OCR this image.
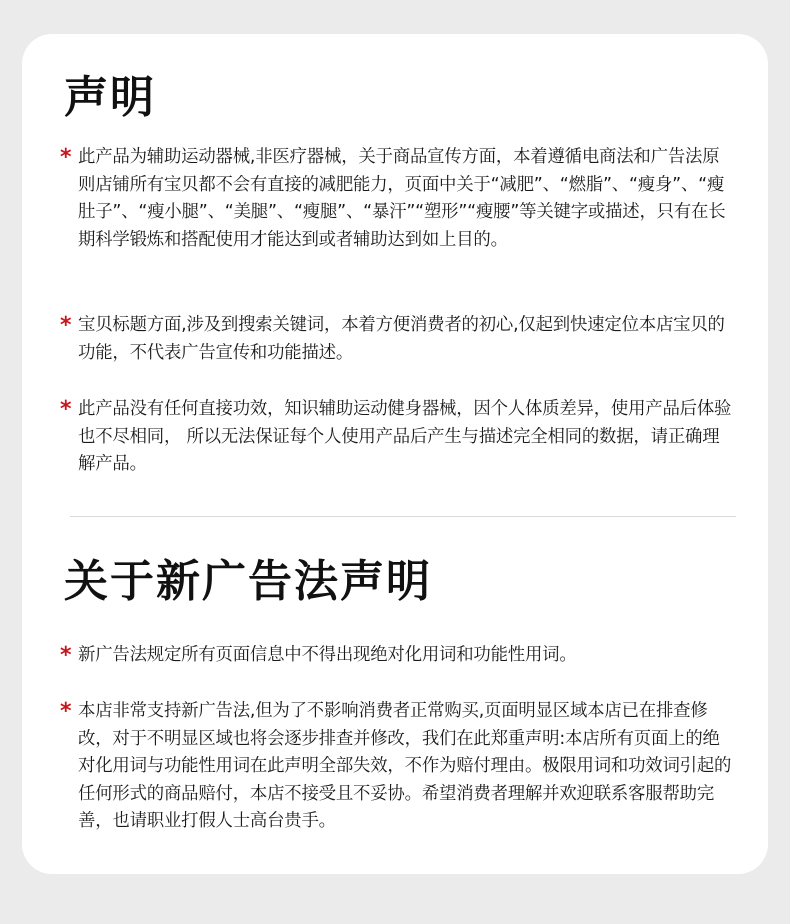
声明
* 此产品为辅助运动器械,非医疗器械，关于商品宣传方面，本着遵循电商法和广告法原则店铺所有宝贝都不会有直接的减肥能力，页面中关于“减肥”、“燃脂”、“瘦身”、“瘦肚子”、“瘦小腿”、“美腿”、“瘦腿”、“暴汗”“塑形”“瘦腰”等关键字或描述，只有在长期科学锻炼和搭配使用才能达到或者辅助达到如上目的。

* 宝贝标题方面,涉及到搜索关键词，本着方便消费者的初心,仅起到快速定位本店宝贝的功能，不代表广告宣传和功能描述。

* 此产品没有任何直接功效，知识辅助运动健身器械，因个人体质差异，使用产品后体验也不尽相同， 所以无法保证每个人使用产品后产生与描述完全相同的数据，请正确理解产品。

关于新广告法声明
* 新广告法规定所有页面信息中不得出现绝对化用词和功能性用词。

* 本店非常支持新广告法,但为了不影响消费者正常购买,页面明显区域本店已在排查修改，对于不明显区域也将会逐步排查并修改，我们在此郑重声明:本店所有页面上的绝对化用词与功能性用词在此声明全部失效，不作为赔付理由。极限用词和功效词引起的任何形式的商品赔付，本店不接受且不妥协。希望消费者理解并欢迎联系客服帮助完善，也请职业打假人士高台贵手。
